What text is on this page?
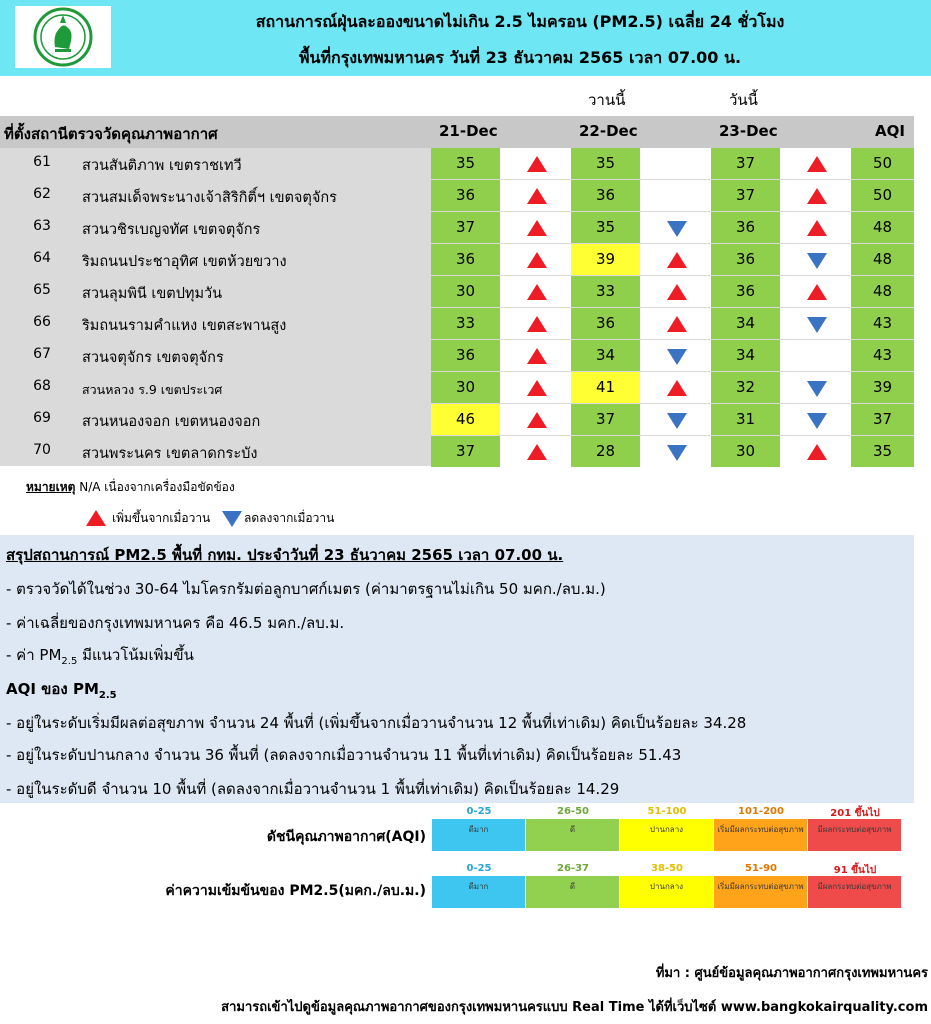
สถานการณ์ฝุ่นละอองขนาดไม่เกิน 2.5 ไมครอน (PM2.5) เฉลี่ย 24 ชั่วโมง
พื้นที่กรุงเทพมหานคร วันที่ 23 ธันวาคม 2565 เวลา 07.00 น.
วานนี้	วันนี้
ที่ตั้งสถานีตรวจวัดคุณภาพอากาศ	21-Dec	22-Dec	23-Dec	AQI
61	สวนสันติภาพ เขตราชเทวี	35	35	37	50
62	สวนสมเด็จพระนางเจ้าสิริกิติ์ฯ เขตจตุจักร	36	36	37	50
63	สวนวชิรเบญจทัศ เขตจตุจักร	37	35	36	48
64	ริมถนนประชาอุทิศ เขตห้วยขวาง	36	39	36	48
65	สวนลุมพินี เขตปทุมวัน	30	33	36	48
66	ริมถนนรามคำแหง เขตสะพานสูง	33	36	34	43
67	สวนจตุจักร เขตจตุจักร	36	34	34	43
68	สวนหลวง ร.9 เขตประเวศ	30	41	32	39
69	สวนหนองจอก เขตหนองจอก	46	37	31	37
70	สวนพระนคร เขตลาดกระบัง	37	28	30	35
หมายเหตุ N/A เนื่องจากเครื่องมือขัดข้อง
เพิ่มขึ้นจากเมื่อวาน	ลดลงจากเมื่อวาน
สรุปสถานการณ์ PM2.5 พื้นที่ กทม. ประจำวันที่ 23 ธันวาคม 2565 เวลา 07.00 น.
- ตรวจวัดได้ในช่วง 30-64 ไมโครกรัมต่อลูกบาศก์เมตร (ค่ามาตรฐานไม่เกิน 50 มคก./ลบ.ม.)
- ค่าเฉลี่ยของกรุงเทพมหานคร คือ 46.5 มคก./ลบ.ม.
- ค่า $PM_{2.5}$ มีแนวโน้มเพิ่มขึ้น
AQI ของ $PM_{2.5}$
- อยู่ในระดับเริ่มมีผลต่อสุขภาพ จำนวน 24 พื้นที่ (เพิ่มขึ้นจากเมื่อวานจำนวน 12 พื้นที่เท่าเดิม) คิดเป็นร้อยละ 34.28
- อยู่ในระดับปานกลาง จำนวน 36 พื้นที่ (ลดลงจากเมื่อวานจำนวน 11 พื้นที่เท่าเดิม) คิดเป็นร้อยละ 51.43
- อยู่ในระดับดี จำนวน 10 พื้นที่ (ลดลงจากเมื่อวานจำนวน 1 พื้นที่เท่าเดิม) คิดเป็นร้อยละ 14.29
ดัชนีคุณภาพอากาศ(AQI)
ค่าความเข้มข้นของ PM2.5(มคก./ลบ.ม.)
0-25
ดีมาก
26-50
ดี
51-100
ปานกลาง
101-200
เริ่มมีผลกระทบต่อสุขภาพ
201 ขึ้นไป
มีผลกระทบต่อสุขภาพ
0-25
ดีมาก
26-37
ดี
38-50
ปานกลาง
51-90
เริ่มมีผลกระทบต่อสุขภาพ
91 ขึ้นไป
มีผลกระทบต่อสุขภาพ
ที่มา : ศูนย์ข้อมูลคุณภาพอากาศกรุงเทพมหานคร
สามารถเข้าไปดูข้อมูลคุณภาพอากาศของกรุงเทพมหานครแบบ Real Time ได้ที่เว็บไซต์ www.bangkokairquality.com
